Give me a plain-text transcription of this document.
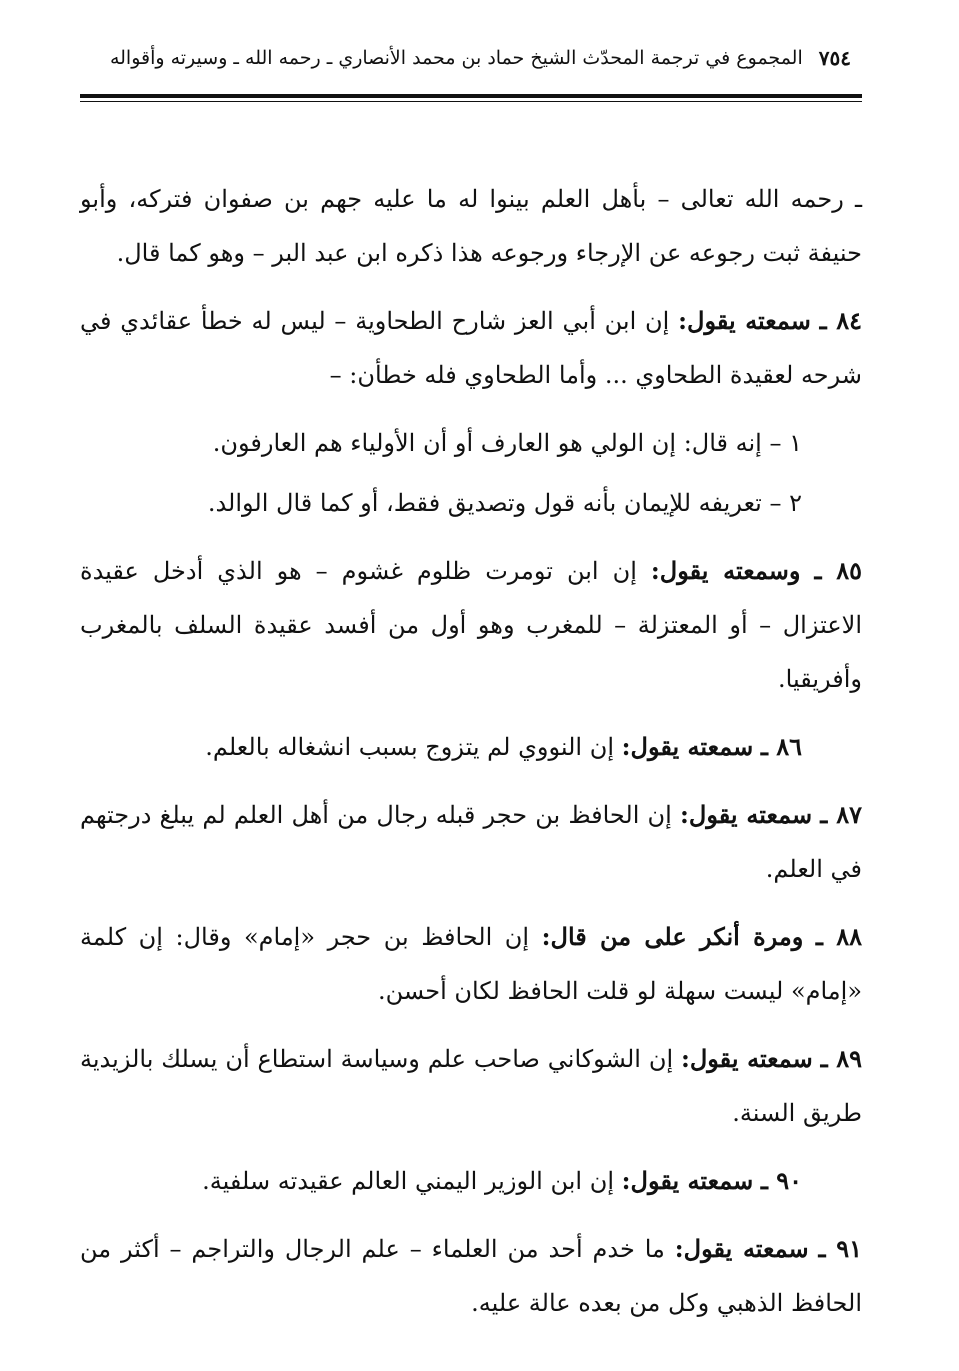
٧٥٤
المجموع في ترجمة المحدّث الشيخ حماد بن محمد الأنصاري ـ رحمه الله ـ وسيرته وأقواله

ـ رحمه الله تعالى – بأهل العلم بينوا له ما عليه جهم بن صفوان فتركه، وأبو حنيفة ثبت رجوعه عن الإرجاء ورجوعه هذا ذكره ابن عبد البر – وهو كما قال.

٨٤ ـ سمعته يقول: إن ابن أبي العز شارح الطحاوية – ليس له خطأ عقائدي في شرحه لعقيدة الطحاوي ... وأما الطحاوي فله خطأن: –

١ – إنه قال: إن الولي هو العارف أو أن الأولياء هم العارفون.

٢ – تعريفه للإيمان بأنه قول وتصديق فقط، أو كما قال الوالد.

٨٥ ـ وسمعته يقول: إن ابن تومرت ظلوم غشوم – هو الذي أدخل عقيدة الاعتزال – أو المعتزلة – للمغرب وهو أول من أفسد عقيدة السلف بالمغرب وأفريقيا.

٨٦ ـ سمعته يقول: إن النووي لم يتزوج بسبب انشغاله بالعلم.

٨٧ ـ سمعته يقول: إن الحافظ بن حجر قبله رجال من أهل العلم لم يبلغ درجتهم في العلم.

٨٨ ـ ومرة أنكر على من قال: إن الحافظ بن حجر «إمام» وقال: إن كلمة «إمام» ليست سهلة لو قلت الحافظ لكان أحسن.

٨٩ ـ سمعته يقول: إن الشوكاني صاحب علم وسياسة استطاع أن يسلك بالزيدية طريق السنة.

٩٠ ـ سمعته يقول: إن ابن الوزير اليمني العالم عقيدته سلفية.

٩١ ـ سمعته يقول: ما خدم أحد من العلماء – علم الرجال والتراجم – أكثر من الحافظ الذهبي وكل من بعده عالة عليه.
